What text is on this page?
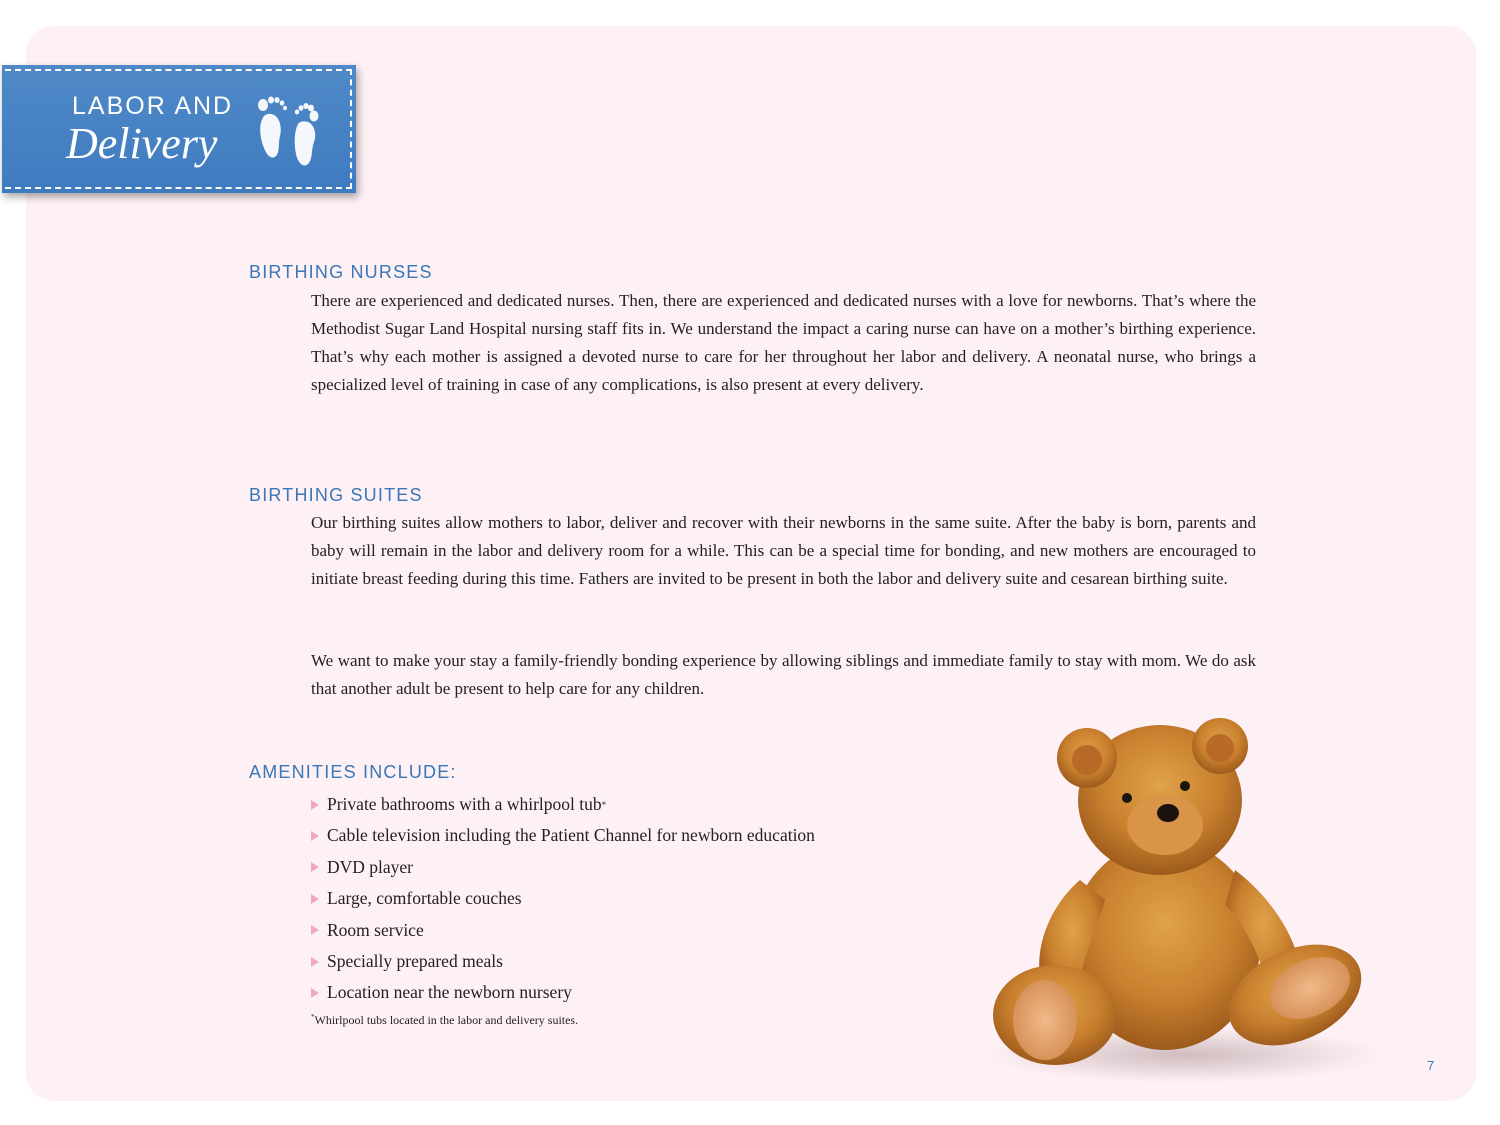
LABOR AND
Delivery
BIRTHING NURSES

There are experienced and dedicated nurses. Then, there are experienced and dedicated nurses with a love for newborns. That’s where the Methodist Sugar Land Hospital nursing staff fits in. We understand the impact a caring nurse can have on a mother’s birthing experience. That’s why each mother is assigned a devoted nurse to care for her throughout her labor and delivery. A neonatal nurse, who brings a specialized level of training in case of any complications, is also present at every delivery.

BIRTHING SUITES

Our birthing suites allow mothers to labor, deliver and recover with their newborns in the same suite. After the baby is born, parents and baby will remain in the labor and delivery room for a while. This can be a special time for bonding, and new mothers are encouraged to initiate breast feeding during this time. Fathers are invited to be present in both the labor and delivery suite and cesarean birthing suite.

We want to make your stay a family-friendly bonding experience by allowing siblings and immediate family to stay with mom. We do ask that another adult be present to help care for any children.

AMENITIES INCLUDE:
Private bathrooms with a whirlpool tub *
Cable television including the Patient Channel for newborn education
DVD player
Large, comfortable couches
Room service
Specially prepared meals
Location near the newborn nursery
*Whirlpool tubs located in the labor and delivery suites.
7
